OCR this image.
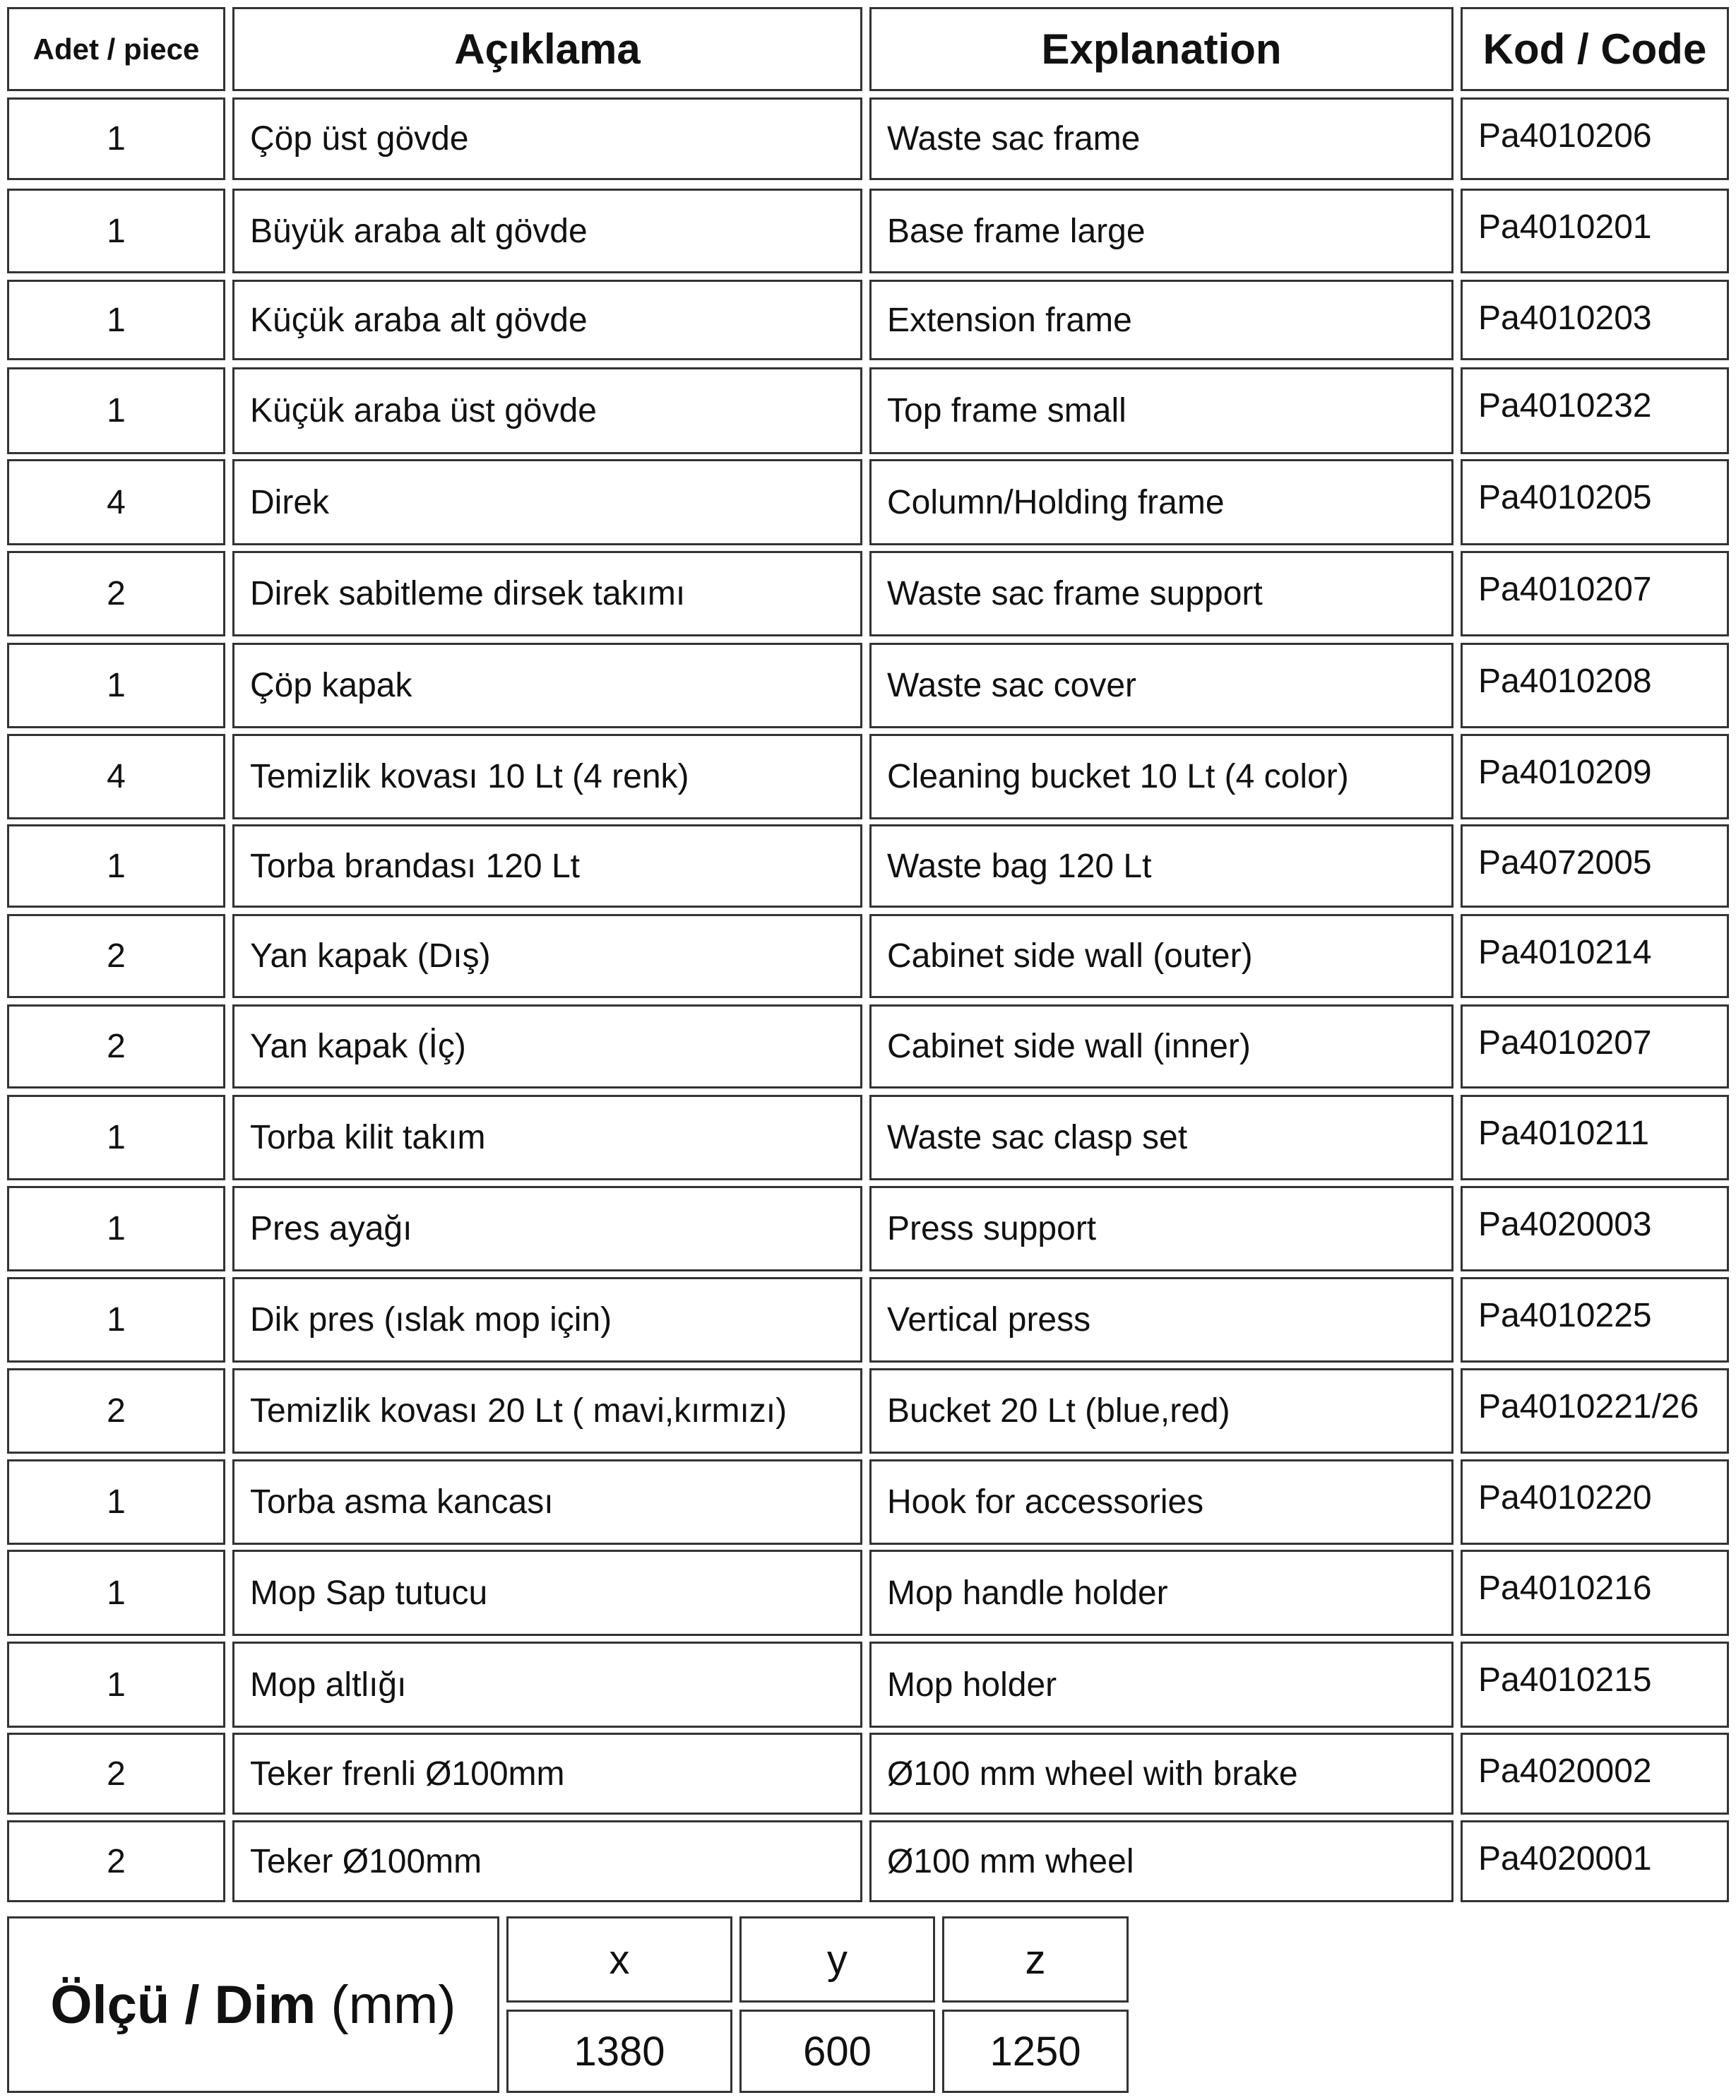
Adet / piece	Açıklama	Explanation	Kod / Code
1	Çöp üst gövde	Waste sac frame	Pa4010206
1	Büyük araba alt gövde	Base frame large	Pa4010201
1	Küçük araba alt gövde	Extension frame	Pa4010203
1	Küçük araba üst gövde	Top frame small	Pa4010232
4	Direk	Column/Holding frame	Pa4010205
2	Direk sabitleme dirsek takımı	Waste sac frame support	Pa4010207
1	Çöp kapak	Waste sac cover	Pa4010208
4	Temizlik kovası 10 Lt (4 renk)	Cleaning bucket 10 Lt (4 color)	Pa4010209
1	Torba brandası 120 Lt	Waste bag 120 Lt	Pa4072005
2	Yan kapak (Dış)	Cabinet side wall (outer)	Pa4010214
2	Yan kapak (İç)	Cabinet side wall (inner)	Pa4010207
1	Torba kilit takım	Waste sac clasp set	Pa4010211
1	Pres ayağı	Press support	Pa4020003
1	Dik pres (ıslak mop için)	Vertical press	Pa4010225
2	Temizlik kovası 20 Lt ( mavi,kırmızı)	Bucket 20 Lt (blue,red)	Pa4010221/26
1	Torba asma kancası	Hook for accessories	Pa4010220
1	Mop Sap tutucu	Mop handle holder	Pa4010216
1	Mop altlığı	Mop holder	Pa4010215
2	Teker frenli Ø100mm	Ø100 mm wheel with brake	Pa4020002
2	Teker Ø100mm	Ø100 mm wheel	Pa4020001
Ölçü / Dim
(mm)
x	y	z
1380	600	1250
